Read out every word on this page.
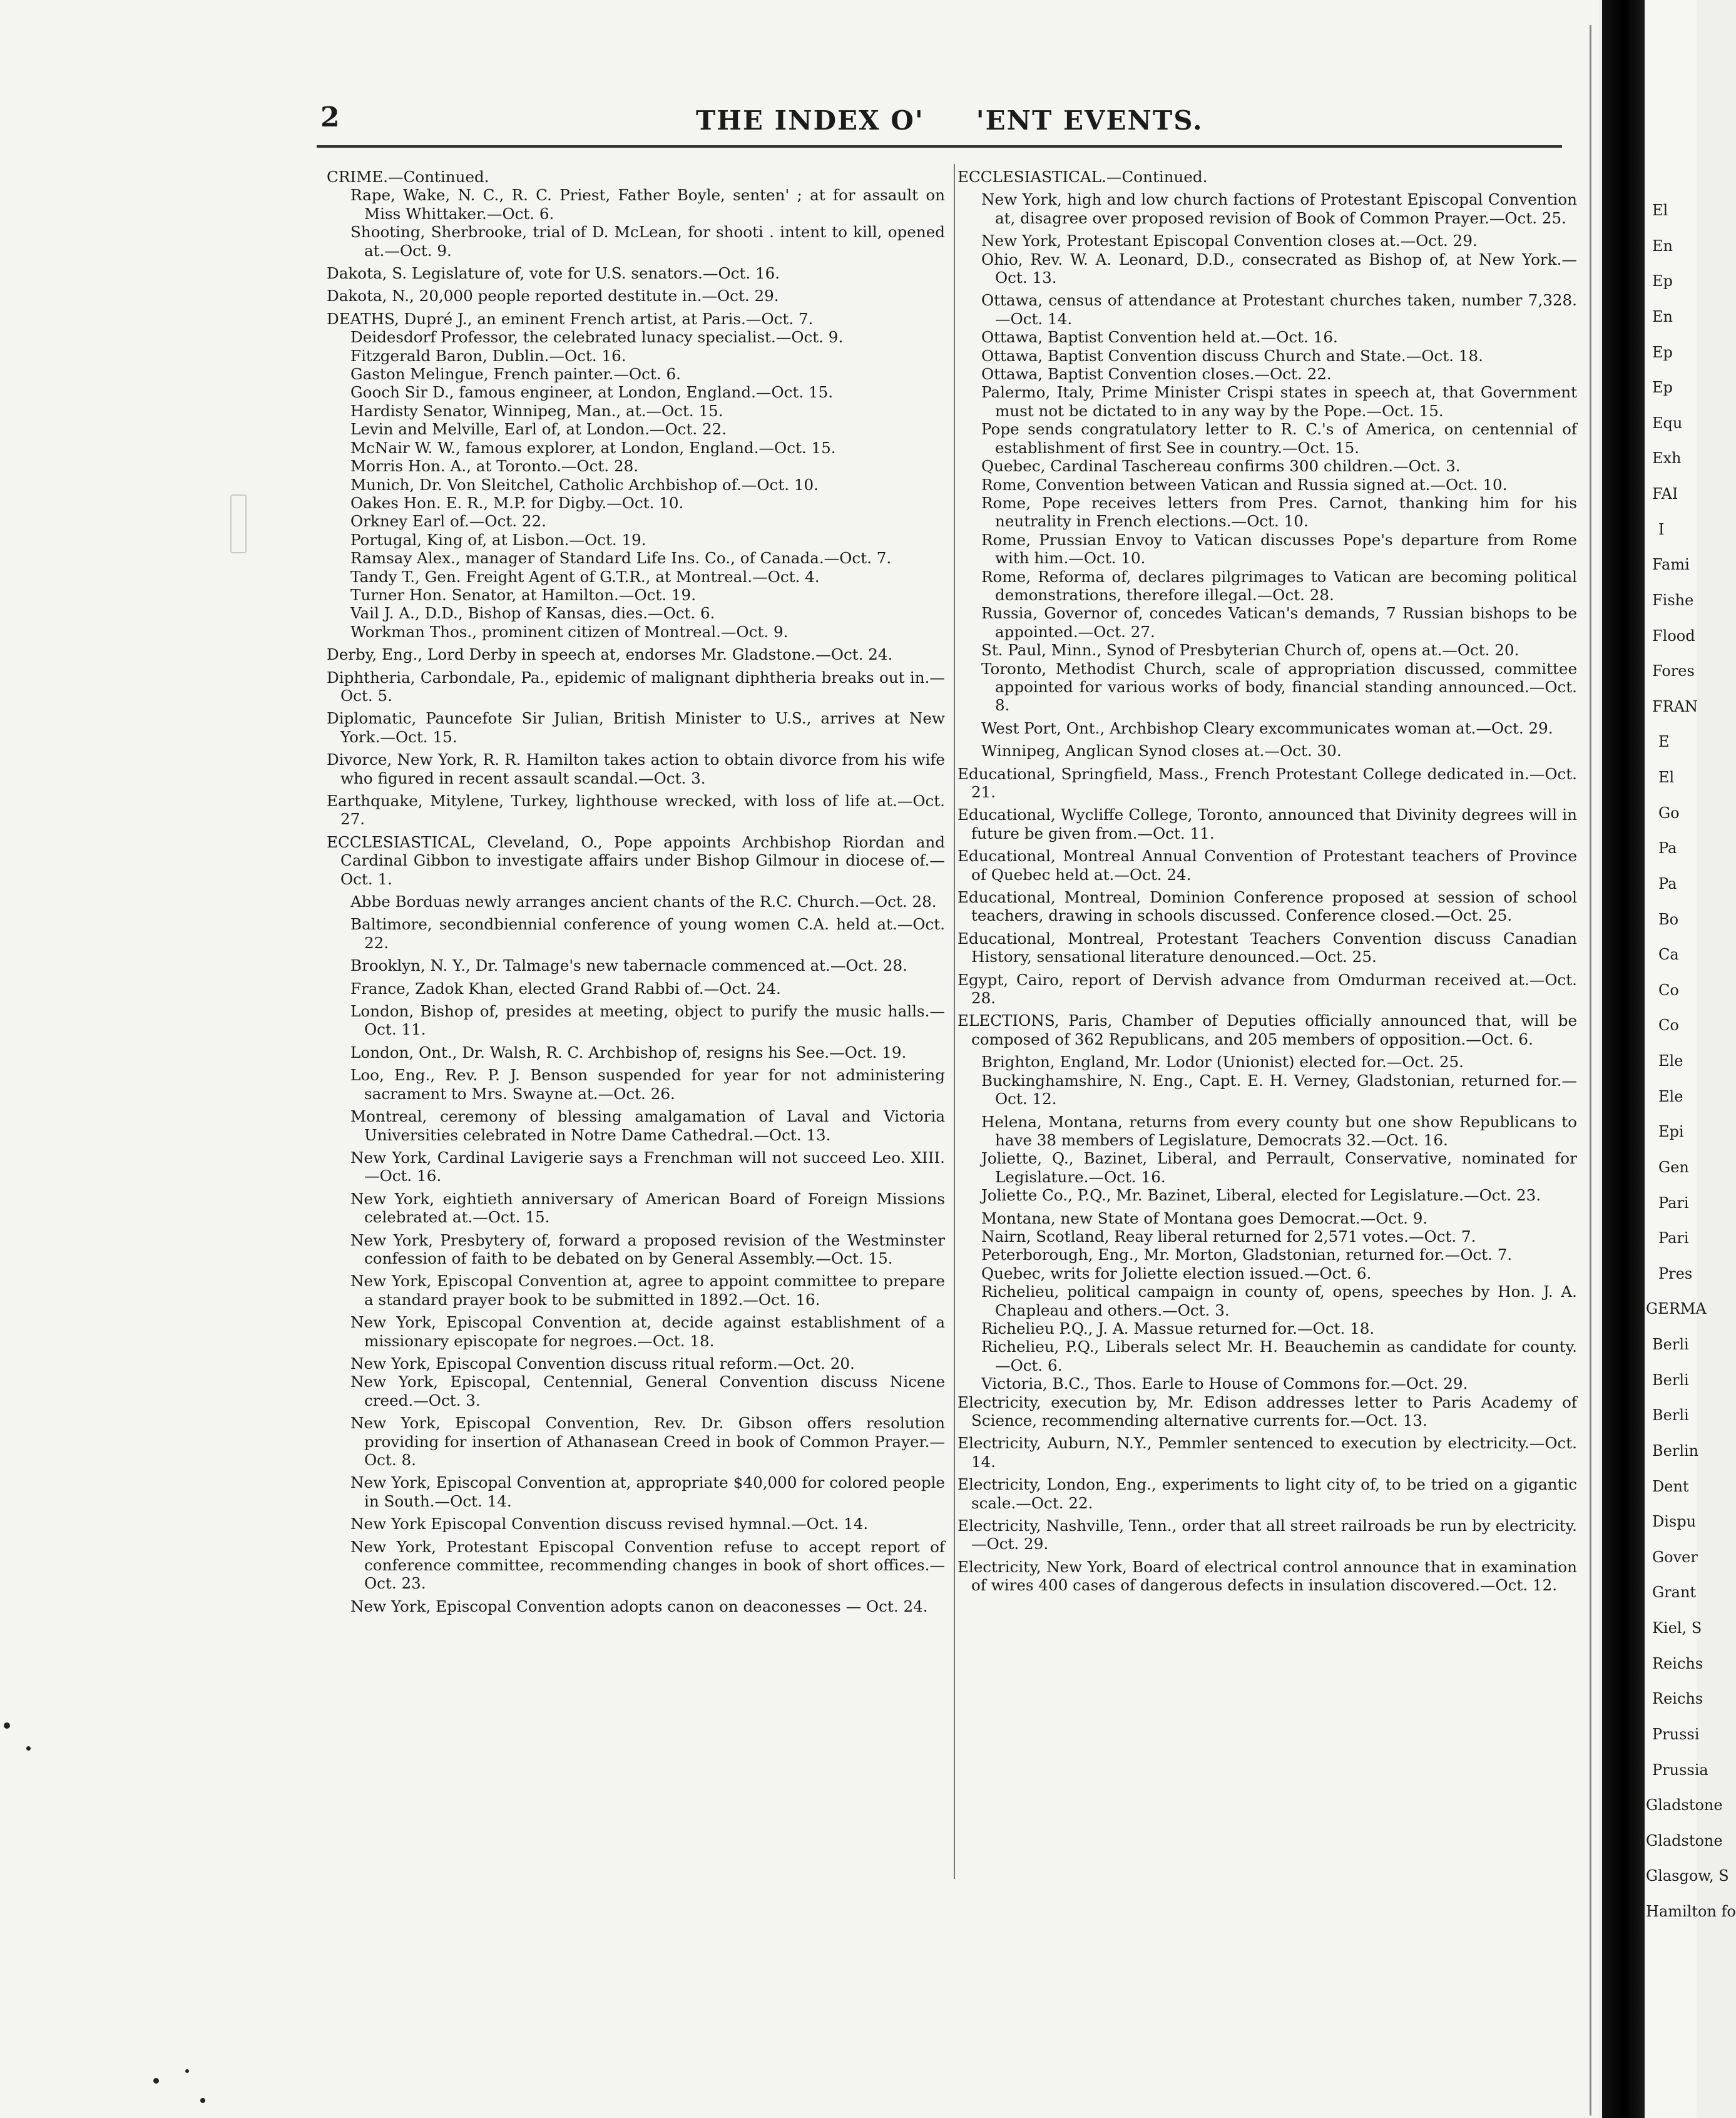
2	THE INDEX O'     'ENT EVENTS.

CRIME.—Continued.

Rape, Wake, N. C., R. C. Priest, Father Boyle, senten' ; at for assault on Miss Whittaker.—Oct. 6.

Shooting, Sherbrooke, trial of D. McLean, for shooti . intent to kill, opened at.—Oct. 9.

Dakota, S. Legislature of, vote for U.S. senators.—Oct. 16.

Dakota, N., 20,000 people reported destitute in.—Oct. 29.

DEATHS, Dupré J., an eminent French artist, at Paris.—Oct. 7.

Deidesdorf Professor, the celebrated lunacy specialist.—Oct. 9.

Fitzgerald Baron, Dublin.—Oct. 16.

Gaston Melingue, French painter.—Oct. 6.

Gooch Sir D., famous engineer, at London, England.—Oct. 15.

Hardisty Senator, Winnipeg, Man., at.—Oct. 15.

Levin and Melville, Earl of, at London.—Oct. 22.

McNair W. W., famous explorer, at London, England.—Oct. 15.

Morris Hon. A., at Toronto.—Oct. 28.

Munich, Dr. Von Sleitchel, Catholic Archbishop of.—Oct. 10.

Oakes Hon. E. R., M.P. for Digby.—Oct. 10.

Orkney Earl of.—Oct. 22.

Portugal, King of, at Lisbon.—Oct. 19.

Ramsay Alex., manager of Standard Life Ins. Co., of Canada.—Oct. 7.

Tandy T., Gen. Freight Agent of G.T.R., at Montreal.—Oct. 4.

Turner Hon. Senator, at Hamilton.—Oct. 19.

Vail J. A., D.D., Bishop of Kansas, dies.—Oct. 6.

Workman Thos., prominent citizen of Montreal.—Oct. 9.

Derby, Eng., Lord Derby in speech at, endorses Mr. Gladstone.—Oct. 24.

Diphtheria, Carbondale, Pa., epidemic of malignant diphtheria breaks out in.—Oct. 5.

Diplomatic, Pauncefote Sir Julian, British Minister to U.S., arrives at New York.—Oct. 15.

Divorce, New York, R. R. Hamilton takes action to obtain divorce from his wife who figured in recent assault scandal.—Oct. 3.

Earthquake, Mitylene, Turkey, lighthouse wrecked, with loss of life at.—Oct. 27.

ECCLESIASTICAL, Cleveland, O., Pope appoints Archbishop Riordan and Cardinal Gibbon to investigate affairs under Bishop Gilmour in diocese of.—Oct. 1.

Abbe Borduas newly arranges ancient chants of the R.C. Church.—Oct. 28.

Baltimore, secondbiennial conference of young women C.A. held at.—Oct. 22.

Brooklyn, N. Y., Dr. Talmage's new tabernacle commenced at.—Oct. 28.

France, Zadok Khan, elected Grand Rabbi of.—Oct. 24.

London, Bishop of, presides at meeting, object to purify the music halls.—Oct. 11.

London, Ont., Dr. Walsh, R. C. Archbishop of, resigns his See.—Oct. 19.

Loo, Eng., Rev. P. J. Benson suspended for year for not administering sacrament to Mrs. Swayne at.—Oct. 26.

Montreal, ceremony of blessing amalgamation of Laval and Victoria Universities celebrated in Notre Dame Cathedral.—Oct. 13.

New York, Cardinal Lavigerie says a Frenchman will not succeed Leo. XIII.—Oct. 16.

New York, eightieth anniversary of American Board of Foreign Missions celebrated at.—Oct. 15.

New York, Presbytery of, forward a proposed revision of the Westminster confession of faith to be debated on by General Assembly.—Oct. 15.

New York, Episcopal Convention at, agree to appoint committee to prepare a standard prayer book to be submitted in 1892.—Oct. 16.

New York, Episcopal Convention at, decide against establishment of a missionary episcopate for negroes.—Oct. 18.

New York, Episcopal Convention discuss ritual reform.—Oct. 20.

New York, Episcopal, Centennial, General Convention discuss Nicene creed.—Oct. 3.

New York, Episcopal Convention, Rev. Dr. Gibson offers resolution providing for insertion of Athanasean Creed in book of Common Prayer.—Oct. 8.

New York, Episcopal Convention at, appropriate $40,000 for colored people in South.—Oct. 14.

New York Episcopal Convention discuss revised hymnal.—Oct. 14.

New York, Protestant Episcopal Convention refuse to accept report of conference committee, recommending changes in book of short offices.—Oct. 23.

New York, Episcopal Convention adopts canon on deaconesses — Oct. 24.

ECCLESIASTICAL.—Continued.

New York, high and low church factions of Protestant Episcopal Convention at, disagree over proposed revision of Book of Common Prayer.—Oct. 25.

New York, Protestant Episcopal Convention closes at.—Oct. 29.

Ohio, Rev. W. A. Leonard, D.D., consecrated as Bishop of, at New York.—Oct. 13.

Ottawa, census of attendance at Protestant churches taken, number 7,328.—Oct. 14.

Ottawa, Baptist Convention held at.—Oct. 16.

Ottawa, Baptist Convention discuss Church and State.—Oct. 18.

Ottawa, Baptist Convention closes.—Oct. 22.

Palermo, Italy, Prime Minister Crispi states in speech at, that Government must not be dictated to in any way by the Pope.—Oct. 15.

Pope sends congratulatory letter to R. C.'s of America, on centennial of establishment of first See in country.—Oct. 15.

Quebec, Cardinal Taschereau confirms 300 children.—Oct. 3.

Rome, Convention between Vatican and Russia signed at.—Oct. 10.

Rome, Pope receives letters from Pres. Carnot, thanking him for his neutrality in French elections.—Oct. 10.

Rome, Prussian Envoy to Vatican discusses Pope's departure from Rome with him.—Oct. 10.

Rome, Reforma of, declares pilgrimages to Vatican are becoming political demonstrations, therefore illegal.—Oct. 28.

Russia, Governor of, concedes Vatican's demands, 7 Russian bishops to be appointed.—Oct. 27.

St. Paul, Minn., Synod of Presbyterian Church of, opens at.—Oct. 20.

Toronto, Methodist Church, scale of appropriation discussed, committee appointed for various works of body, financial standing announced.—Oct. 8.

West Port, Ont., Archbishop Cleary excommunicates woman at.—Oct. 29.

Winnipeg, Anglican Synod closes at.—Oct. 30.

Educational, Springfield, Mass., French Protestant College dedicated in.—Oct. 21.

Educational, Wycliffe College, Toronto, announced that Divinity degrees will in future be given from.—Oct. 11.

Educational, Montreal Annual Convention of Protestant teachers of Province of Quebec held at.—Oct. 24.

Educational, Montreal, Dominion Conference proposed at session of school teachers, drawing in schools discussed. Conference closed.—Oct. 25.

Educational, Montreal, Protestant Teachers Convention discuss Canadian History, sensational literature denounced.—Oct. 25.

Egypt, Cairo, report of Dervish advance from Omdurman received at.—Oct. 28.

ELECTIONS, Paris, Chamber of Deputies officially announced that, will be composed of 362 Republicans, and 205 members of opposition.—Oct. 6.

Brighton, England, Mr. Lodor (Unionist) elected for.—Oct. 25.

Buckinghamshire, N. Eng., Capt. E. H. Verney, Gladstonian, returned for.—Oct. 12.

Helena, Montana, returns from every county but one show Republicans to have 38 members of Legislature, Democrats 32.—Oct. 16.

Joliette, Q., Bazinet, Liberal, and Perrault, Conservative, nominated for Legislature.—Oct. 16.

Joliette Co., P.Q., Mr. Bazinet, Liberal, elected for Legislature.—Oct. 23.

Montana, new State of Montana goes Democrat.—Oct. 9.

Nairn, Scotland, Reay liberal returned for 2,571 votes.—Oct. 7.

Peterborough, Eng., Mr. Morton, Gladstonian, returned for.—Oct. 7.

Quebec, writs for Joliette election issued.—Oct. 6.

Richelieu, political campaign in county of, opens, speeches by Hon. J. A. Chapleau and others.—Oct. 3.

Richelieu P.Q., J. A. Massue returned for.—Oct. 18.

Richelieu, P.Q., Liberals select Mr. H. Beauchemin as candidate for county.—Oct. 6.

Victoria, B.C., Thos. Earle to House of Commons for.—Oct. 29.

Electricity, execution by, Mr. Edison addresses letter to Paris Academy of Science, recommending alternative currents for.—Oct. 13.

Electricity, Auburn, N.Y., Pemmler sentenced to execution by electricity.—Oct. 14.

Electricity, London, Eng., experiments to light city of, to be tried on a gigantic scale.—Oct. 22.

Electricity, Nashville, Tenn., order that all street railroads be run by electricity.—Oct. 29.

Electricity, New York, Board of electrical control announce that in examination of wires 400 cases of dangerous defects in insulation discovered.—Oct. 12.

El
En
Ep
En
Ep
Ep
Equ
Exh
FAI
I
Fami
Fishe
Flood
Fores
FRAN
E
El
Go
Pa
Pa
Bo
Ca
Co
Co
Ele
Ele
Epi
Gen
Pari
Pari
Pres
GERMA
Berli
Berli
Berli
Berlin
Dent
Dispu
Gover
Grant
Kiel, S
Reichs
Reichs
Prussi
Prussia
Gladstone
Gladstone
Glasgow, S
Hamilton fo
